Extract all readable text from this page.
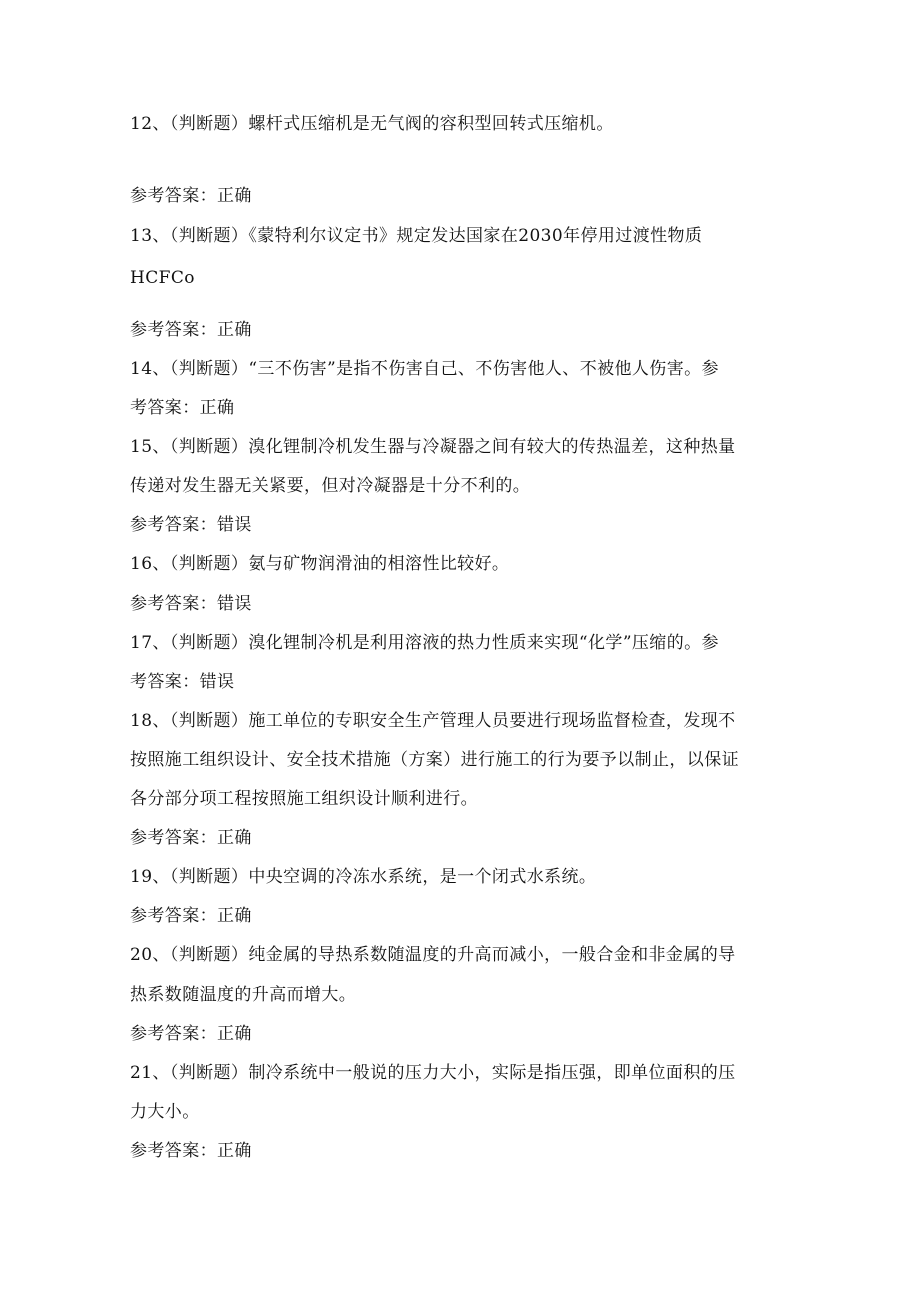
12、（判断题）螺杆式压缩机是无气阀的容积型回转式压缩机。
参考答案：正确
13、（判断题）《蒙特利尔议定书》规定发达国家在2030年停用过渡性物质
HCFCo
参考答案：正确
14、（判断题）“三不伤害”是指不伤害自己、不伤害他人、不被他人伤害。参
考答案：正确
15、（判断题）溴化锂制冷机发生器与冷凝器之间有较大的传热温差，这种热量
传递对发生器无关紧要，但对冷凝器是十分不利的。
参考答案：错误
16、（判断题）氨与矿物润滑油的相溶性比较好。
参考答案：错误
17、（判断题）溴化锂制冷机是利用溶液的热力性质来实现“化学”压缩的。参
考答案：错误
18、（判断题）施工单位的专职安全生产管理人员要进行现场监督检查，发现不
按照施工组织设计、安全技术措施（方案）进行施工的行为要予以制止，以保证
各分部分项工程按照施工组织设计顺利进行。
参考答案：正确
19、（判断题）中央空调的冷冻水系统，是一个闭式水系统。
参考答案：正确
20、（判断题）纯金属的导热系数随温度的升高而减小，一般合金和非金属的导
热系数随温度的升高而增大。
参考答案：正确
21、（判断题）制冷系统中一般说的压力大小，实际是指压强，即单位面积的压
力大小。
参考答案：正确
